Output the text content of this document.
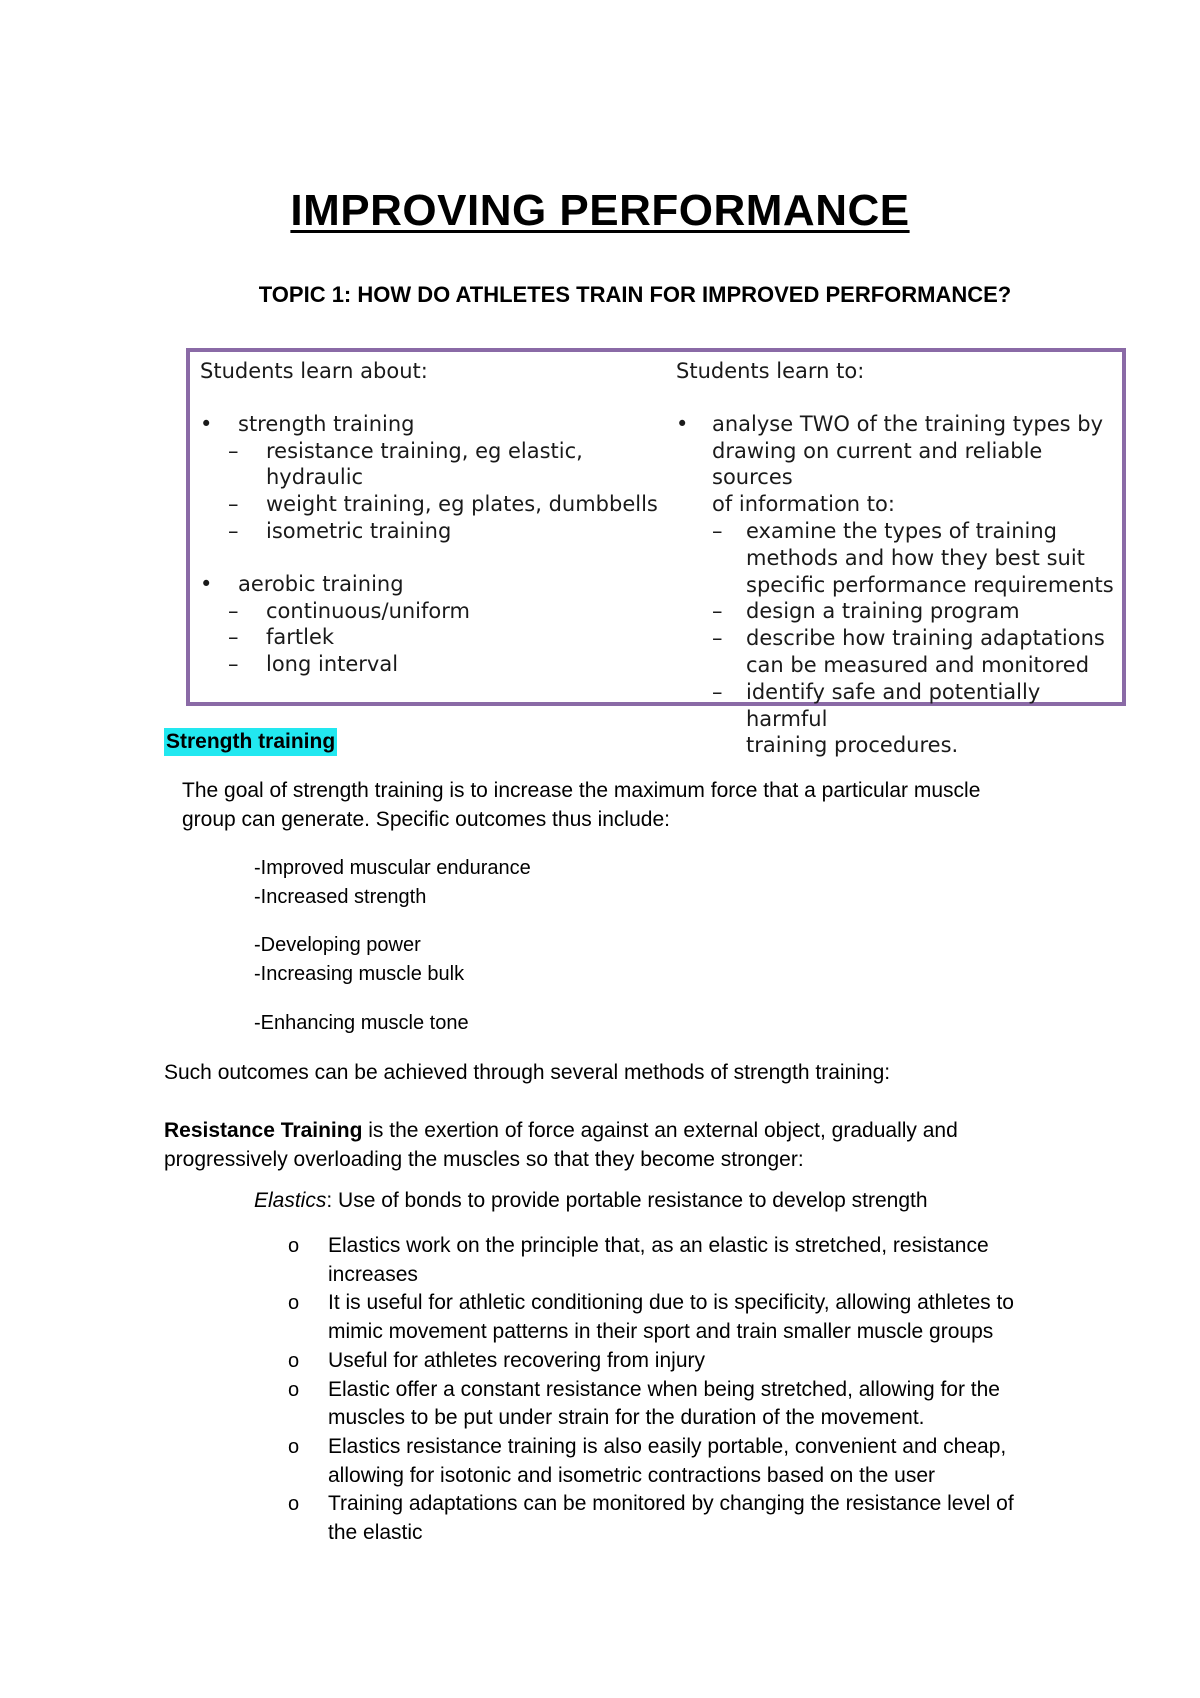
IMPROVING PERFORMANCE
TOPIC 1: HOW DO ATHLETES TRAIN FOR IMPROVED PERFORMANCE?
Students learn about:
•	strength training
–	resistance training, eg elastic,
hydraulic
–	weight training, eg plates, dumbbells
–	isometric training
•	aerobic training
–	continuous/uniform
–	fartlek
–	long interval
Students learn to:
•	analyse TWO of the training types by
drawing on current and reliable sources
of information to:
–	examine the types of training
methods and how they best suit
specific performance requirements
–	design a training program
–	describe how training adaptations
can be measured and monitored
–	identify safe and potentially harmful
training procedures.
Strength training
The goal of strength training is to increase the maximum force that a particular muscle group can generate. Specific outcomes thus include:
-Improved muscular endurance
-Increased strength
-Developing power
-Increasing muscle bulk
-Enhancing muscle tone
Such outcomes can be achieved through several methods of strength training:
Resistance Training is the exertion of force against an external object, gradually and progressively overloading the muscles so that they become stronger:
Elastics: Use of bonds to provide portable resistance to develop strength
o Elastics work on the principle that, as an elastic is stretched, resistance increases
o It is useful for athletic conditioning due to is specificity, allowing athletes to mimic movement patterns in their sport and train smaller muscle groups
o Useful for athletes recovering from injury
o Elastic offer a constant resistance when being stretched, allowing for the muscles to be put under strain for the duration of the movement.
o Elastics resistance training is also easily portable, convenient and cheap, allowing for isotonic and isometric contractions based on the user
o Training adaptations can be monitored by changing the resistance level of the elastic
